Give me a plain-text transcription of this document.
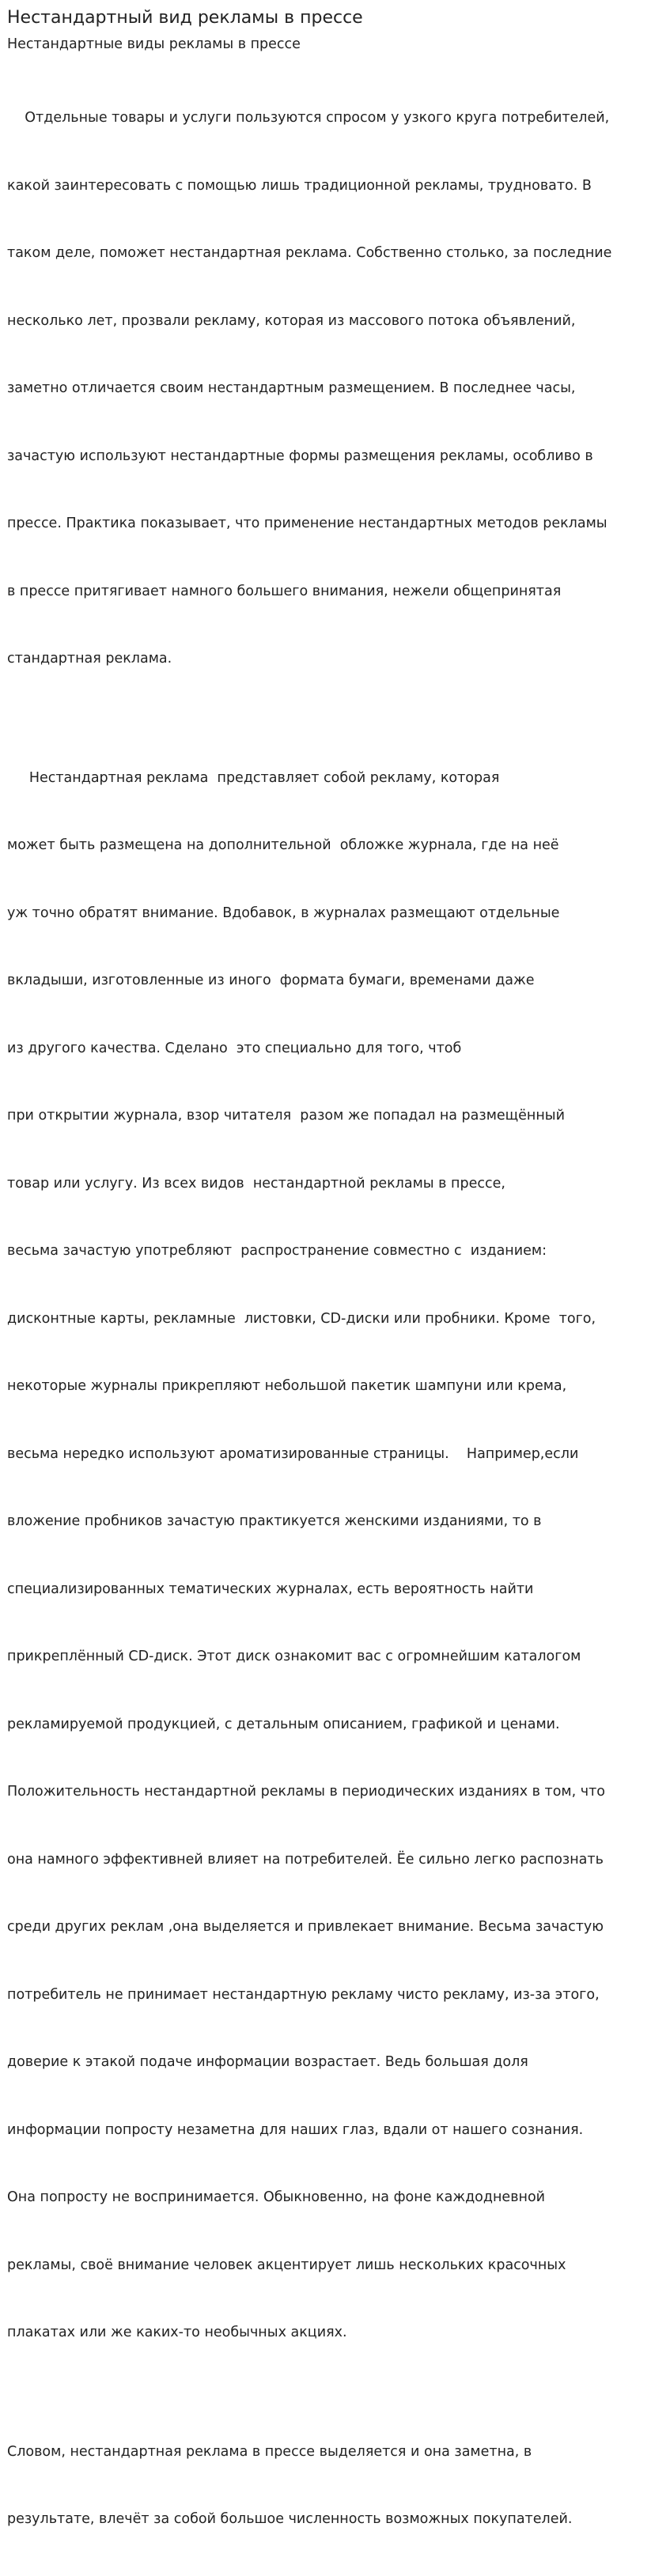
Нестандартный вид рекламы в прессе
Нестандартные виды рекламы в прессе

Отдельные товары и услуги пользуются спросом у узкого круга потребителей,

какой заинтересовать с помощью лишь традиционной рекламы, трудновато. В

таком деле, поможет нестандартная реклама. Собственно столько, за последние

несколько лет, прозвали рекламу, которая из массового потока объявлений,

заметно отличается своим нестандартным размещением. В последнее часы,

зачастую используют нестандартные формы размещения рекламы, особливо в

прессе. Практика показывает, что применение нестандартных методов рекламы

в прессе притягивает намного большего внимания, нежели общепринятая

стандартная реклама.

Нестандартная реклама  представляет собой рекламу, которая

может быть размещена на дополнительной  обложке журнала, где на неё

уж точно обратят внимание. Вдобавок, в журналах размещают отдельные

вкладыши, изготовленные из иного  формата бумаги, временами даже

из другого качества. Сделано  это специально для того, чтоб

при открытии журнала, взор читателя  разом же попадал на размещённый

товар или услугу. Из всех видов  нестандартной рекламы в прессе,

весьма зачастую употребляют  распространение совместно с  изданием:

дисконтные карты, рекламные  листовки, CD-диски или пробники. Кроме  того,

некоторые журналы прикрепляют небольшой пакетик шампуни или крема,

весьма нередко используют ароматизированные страницы.    Например,если

вложение пробников зачастую практикуется женскими изданиями, то в

специализированных тематических журналах, есть вероятность найти

прикреплённый CD-диск. Этот диск ознакомит вас с огромнейшим каталогом

рекламируемой продукцией, с детальным описанием, графикой и ценами.

Положительность нестандартной рекламы в периодических изданиях в том, что

она намного эффективней влияет на потребителей. Ёе сильно легко распознать

среди других реклам ,она выделяется и привлекает внимание. Весьма зачастую

потребитель не принимает нестандартную рекламу чисто рекламу, из-за этого,

доверие к этакой подаче информации возрастает. Ведь большая доля

информации попросту незаметна для наших глаз, вдали от нашего сознания.

Она попросту не воспринимается. Обыкновенно, на фоне каждодневной

рекламы, своё внимание человек акцентирует лишь нескольких красочных

плакатах или же каких-то необычных акциях.

Словом, нестандартная реклама в прессе выделяется и она заметна, в

результате, влечёт за собой большое численность возможных покупателей.
